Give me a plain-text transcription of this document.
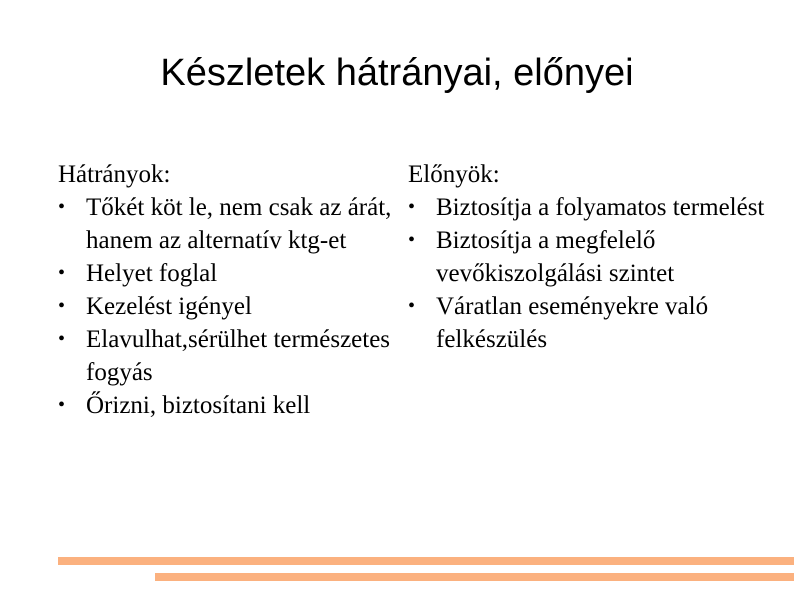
Készletek hátrányai, előnyei

Hátrányok:

• Tőkét köt le, nem csak az árát, hanem az alternatív ktg-et
• Helyet foglal
• Kezelést igényel
• Elavulhat,sérülhet természetes fogyás
• Őrizni, biztosítani kell

Előnyök:

• Biztosítja a folyamatos termelést
• Biztosítja a megfelelő vevőkiszolgálási szintet
• Váratlan eseményekre való felkészülés
